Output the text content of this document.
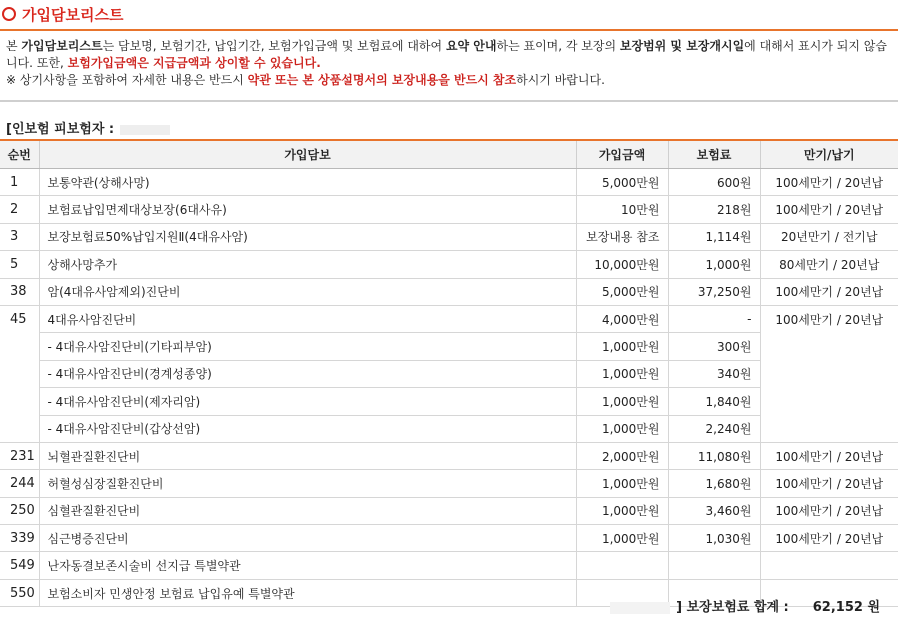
가입담보리스트
본 가입담보리스트는 담보명, 보험기간, 납입기간, 보험가입금액 및 보험료에 대하여 요약 안내하는 표이며, 각 보장의 보장범위 및 보장개시일에 대해서 표시가 되지 않습니다. 또한, 보험가입금액은 지급금액과 상이할 수 있습니다.
※ 상기사항을 포함하여 자세한 내용은 반드시 약관 또는 본 상품설명서의 보장내용을 반드시 참조하시기 바랍니다.
[인보험 피보험자 :
순번	가입담보	가입금액	보험료	만기/납기
1	보통약관(상해사망)	5,000만원	600원	100세만기 / 20년납
2	보험료납입면제대상보장(6대사유)	10만원	218원	100세만기 / 20년납
3	보장보험료50%납입지원Ⅱ(4대유사암)	보장내용 참조	1,114원	20년만기 / 전기납
5	상해사망추가	10,000만원	1,000원	80세만기 / 20년납
38	암(4대유사암제외)진단비	5,000만원	37,250원	100세만기 / 20년납
45	4대유사암진단비	4,000만원	-	100세만기 / 20년납
	- 4대유사암진단비(기타피부암)	1,000만원	300원	
	- 4대유사암진단비(경계성종양)	1,000만원	340원	
	- 4대유사암진단비(제자리암)	1,000만원	1,840원	
	- 4대유사암진단비(갑상선암)	1,000만원	2,240원	
231	뇌혈관질환진단비	2,000만원	11,080원	100세만기 / 20년납
244	허혈성심장질환진단비	1,000만원	1,680원	100세만기 / 20년납
250	심혈관질환진단비	1,000만원	3,460원	100세만기 / 20년납
339	심근병증진단비	1,000만원	1,030원	100세만기 / 20년납
549	난자동결보존시술비 선지급 특별약관			
550	보험소비자 민생안정 보험료 납입유예 특별약관			
] 보장보험료 합계 : 62,152 원
